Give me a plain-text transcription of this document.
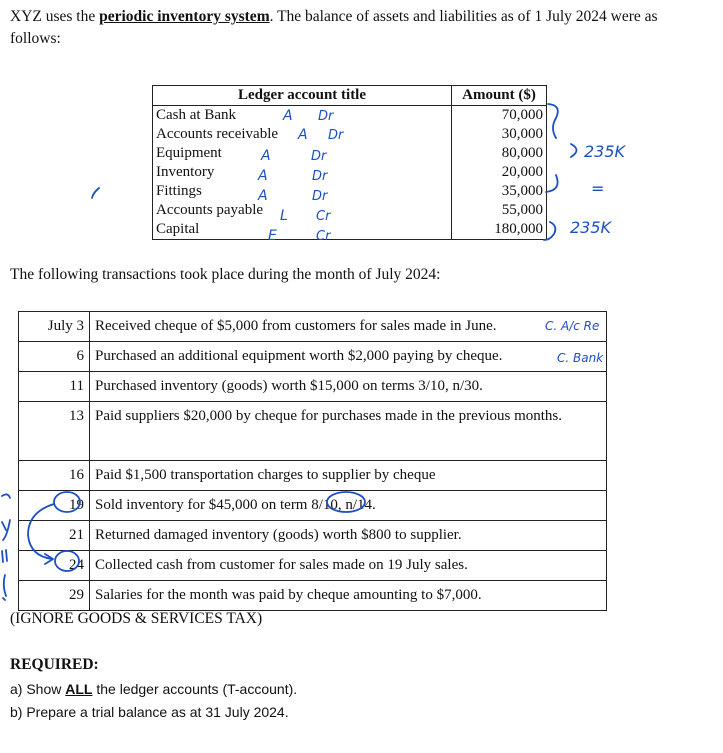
XYZ uses the periodic inventory system. The balance of assets and liabilities as of 1 July 2024 were as follows:

Ledger account title	Amount ($)
Cash at Bank	70,000
Accounts receivable	30,000
Equipment	80,000
Inventory	20,000
Fittings	35,000
Accounts payable	55,000
Capital	180,000

The following transactions took place during the month of July 2024:

July 3	Received cheque of $5,000 from customers for sales made in June.
6	Purchased an additional equipment worth $2,000 paying by cheque.
11	Purchased inventory (goods) worth $15,000 on terms 3/10, n/30.
13	Paid suppliers $20,000 by cheque for purchases made in the previous months.
16	Paid $1,500 transportation charges to supplier by cheque
19	Sold inventory for $45,000 on term 8/10, n/14.
21	Returned damaged inventory (goods) worth $800 to supplier.
24	Collected cash from customer for sales made on 19 July sales.
29	Salaries for the month was paid by cheque amounting to $7,000.

(IGNORE GOODS & SERVICES TAX)

REQUIRED:

a) Show ALL the ledger accounts (T-account).

b) Prepare a trial balance as at 31 July 2024.

A Dr
A Dr
A	Dr
A	Dr
A	Dr
L Cr
E	Cr
235K
=
235K
C. A/c Re
C. Bank
